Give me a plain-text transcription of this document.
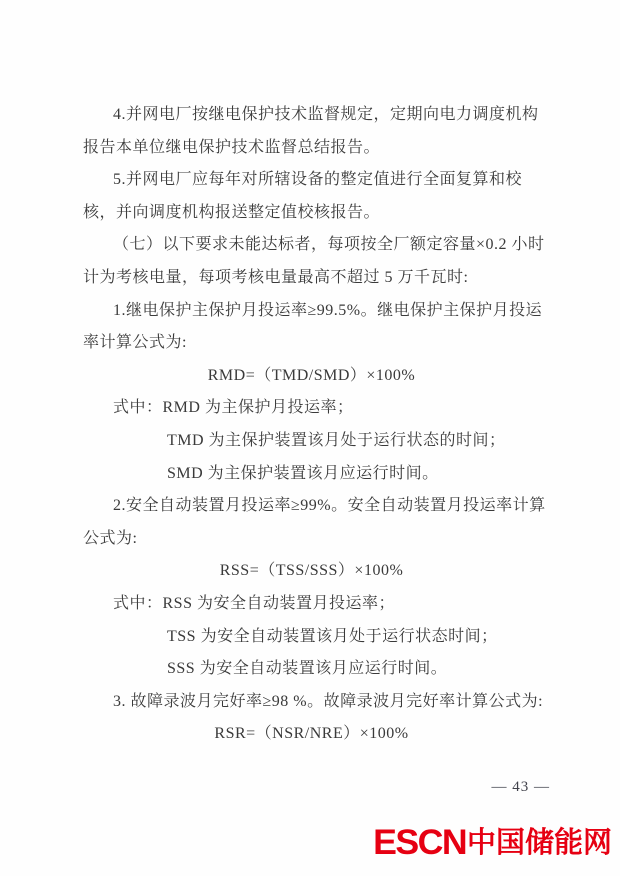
4.并网电厂按继电保护技术监督规定，定期向电力调度机构
报告本单位继电保护技术监督总结报告。
5.并网电厂应每年对所辖设备的整定值进行全面复算和校
核，并向调度机构报送整定值校核报告。
（七）以下要求未能达标者，每项按全厂额定容量×0.2 小时
计为考核电量，每项考核电量最高不超过 5 万千瓦时:
1.继电保护主保护月投运率≥99.5%。继电保护主保护月投运
率计算公式为:
RMD=（TMD/SMD）×100%
式中：RMD 为主保护月投运率；
TMD 为主保护装置该月处于运行状态的时间；
SMD 为主保护装置该月应运行时间。
2.安全自动装置月投运率≥99%。安全自动装置月投运率计算
公式为:
RSS=（TSS/SSS）×100%
式中：RSS 为安全自动装置月投运率；
TSS 为安全自动装置该月处于运行状态时间；
SSS 为安全自动装置该月应运行时间。
3. 故障录波月完好率≥98 %。故障录波月完好率计算公式为:
RSR=（NSR/NRE）×100%
— 43 —
ESCN 中国储能网
